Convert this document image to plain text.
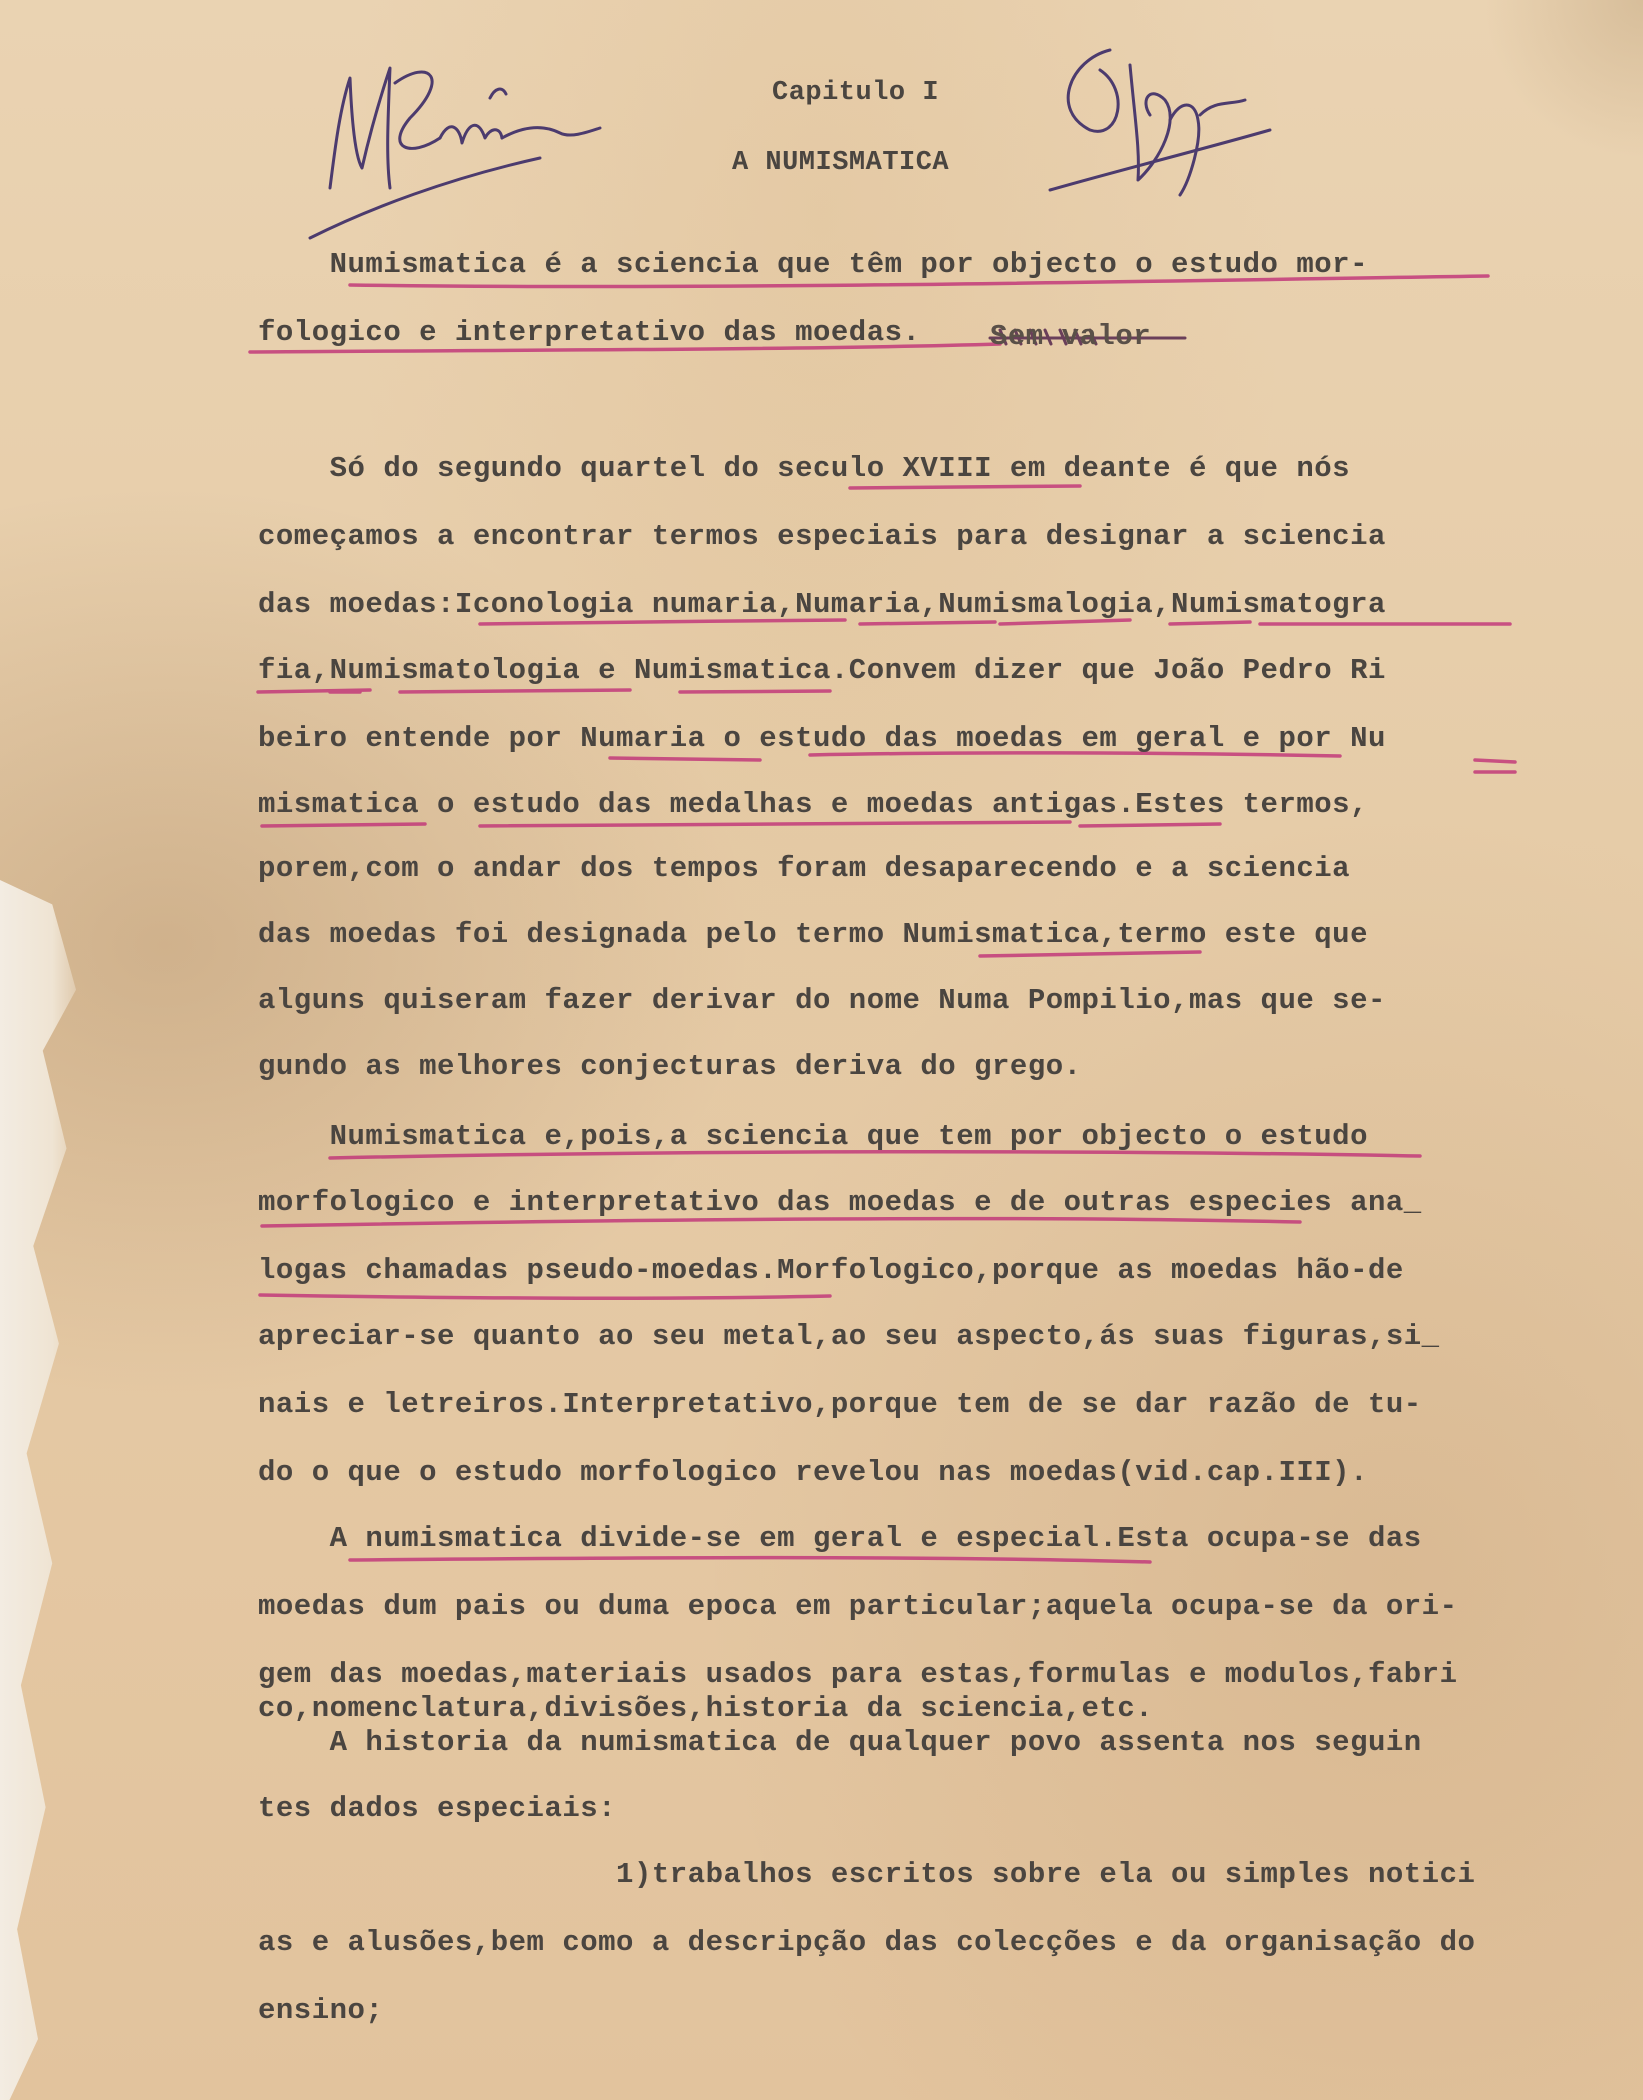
Capitulo I
A NUMISMATICA
Sem valor
Numismatica é a sciencia que têm por objecto o estudo mor-
fologico e interpretativo das moedas.
Só do segundo quartel do seculo XVIII em deante é que nós
começamos a encontrar termos especiais para designar a sciencia
das moedas:Iconologia numaria,Numaria,Numismalogia,Numismatogra
fia,Numismatologia e Numismatica.Convem dizer que João Pedro Ri
beiro entende por Numaria o estudo das moedas em geral e por Nu
mismatica o estudo das medalhas e moedas antigas.Estes termos,
porem,com o andar dos tempos foram desaparecendo e a sciencia
das moedas foi designada pelo termo Numismatica,termo este que
alguns quiseram fazer derivar do nome Numa Pompilio,mas que se-
gundo as melhores conjecturas deriva do grego.
Numismatica e,pois,a sciencia que tem por objecto o estudo
morfologico e interpretativo das moedas e de outras especies ana_
logas chamadas pseudo-moedas.Morfologico,porque as moedas hão-de
apreciar-se quanto ao seu metal,ao seu aspecto,ás suas figuras,si_
nais e letreiros.Interpretativo,porque tem de se dar razão de tu-
do o que o estudo morfologico revelou nas moedas(vid.cap.III).
A numismatica divide-se em geral e especial.Esta ocupa-se das
moedas dum pais ou duma epoca em particular;aquela ocupa-se da ori-
gem das moedas,materiais usados para estas,formulas e modulos,fabri
co,nomenclatura,divisões,historia da sciencia,etc.
A historia da numismatica de qualquer povo assenta nos seguin
tes dados especiais:
1)trabalhos escritos sobre ela ou simples notici
as e alusões,bem como a descripção das colecções e da organisação do
ensino;
